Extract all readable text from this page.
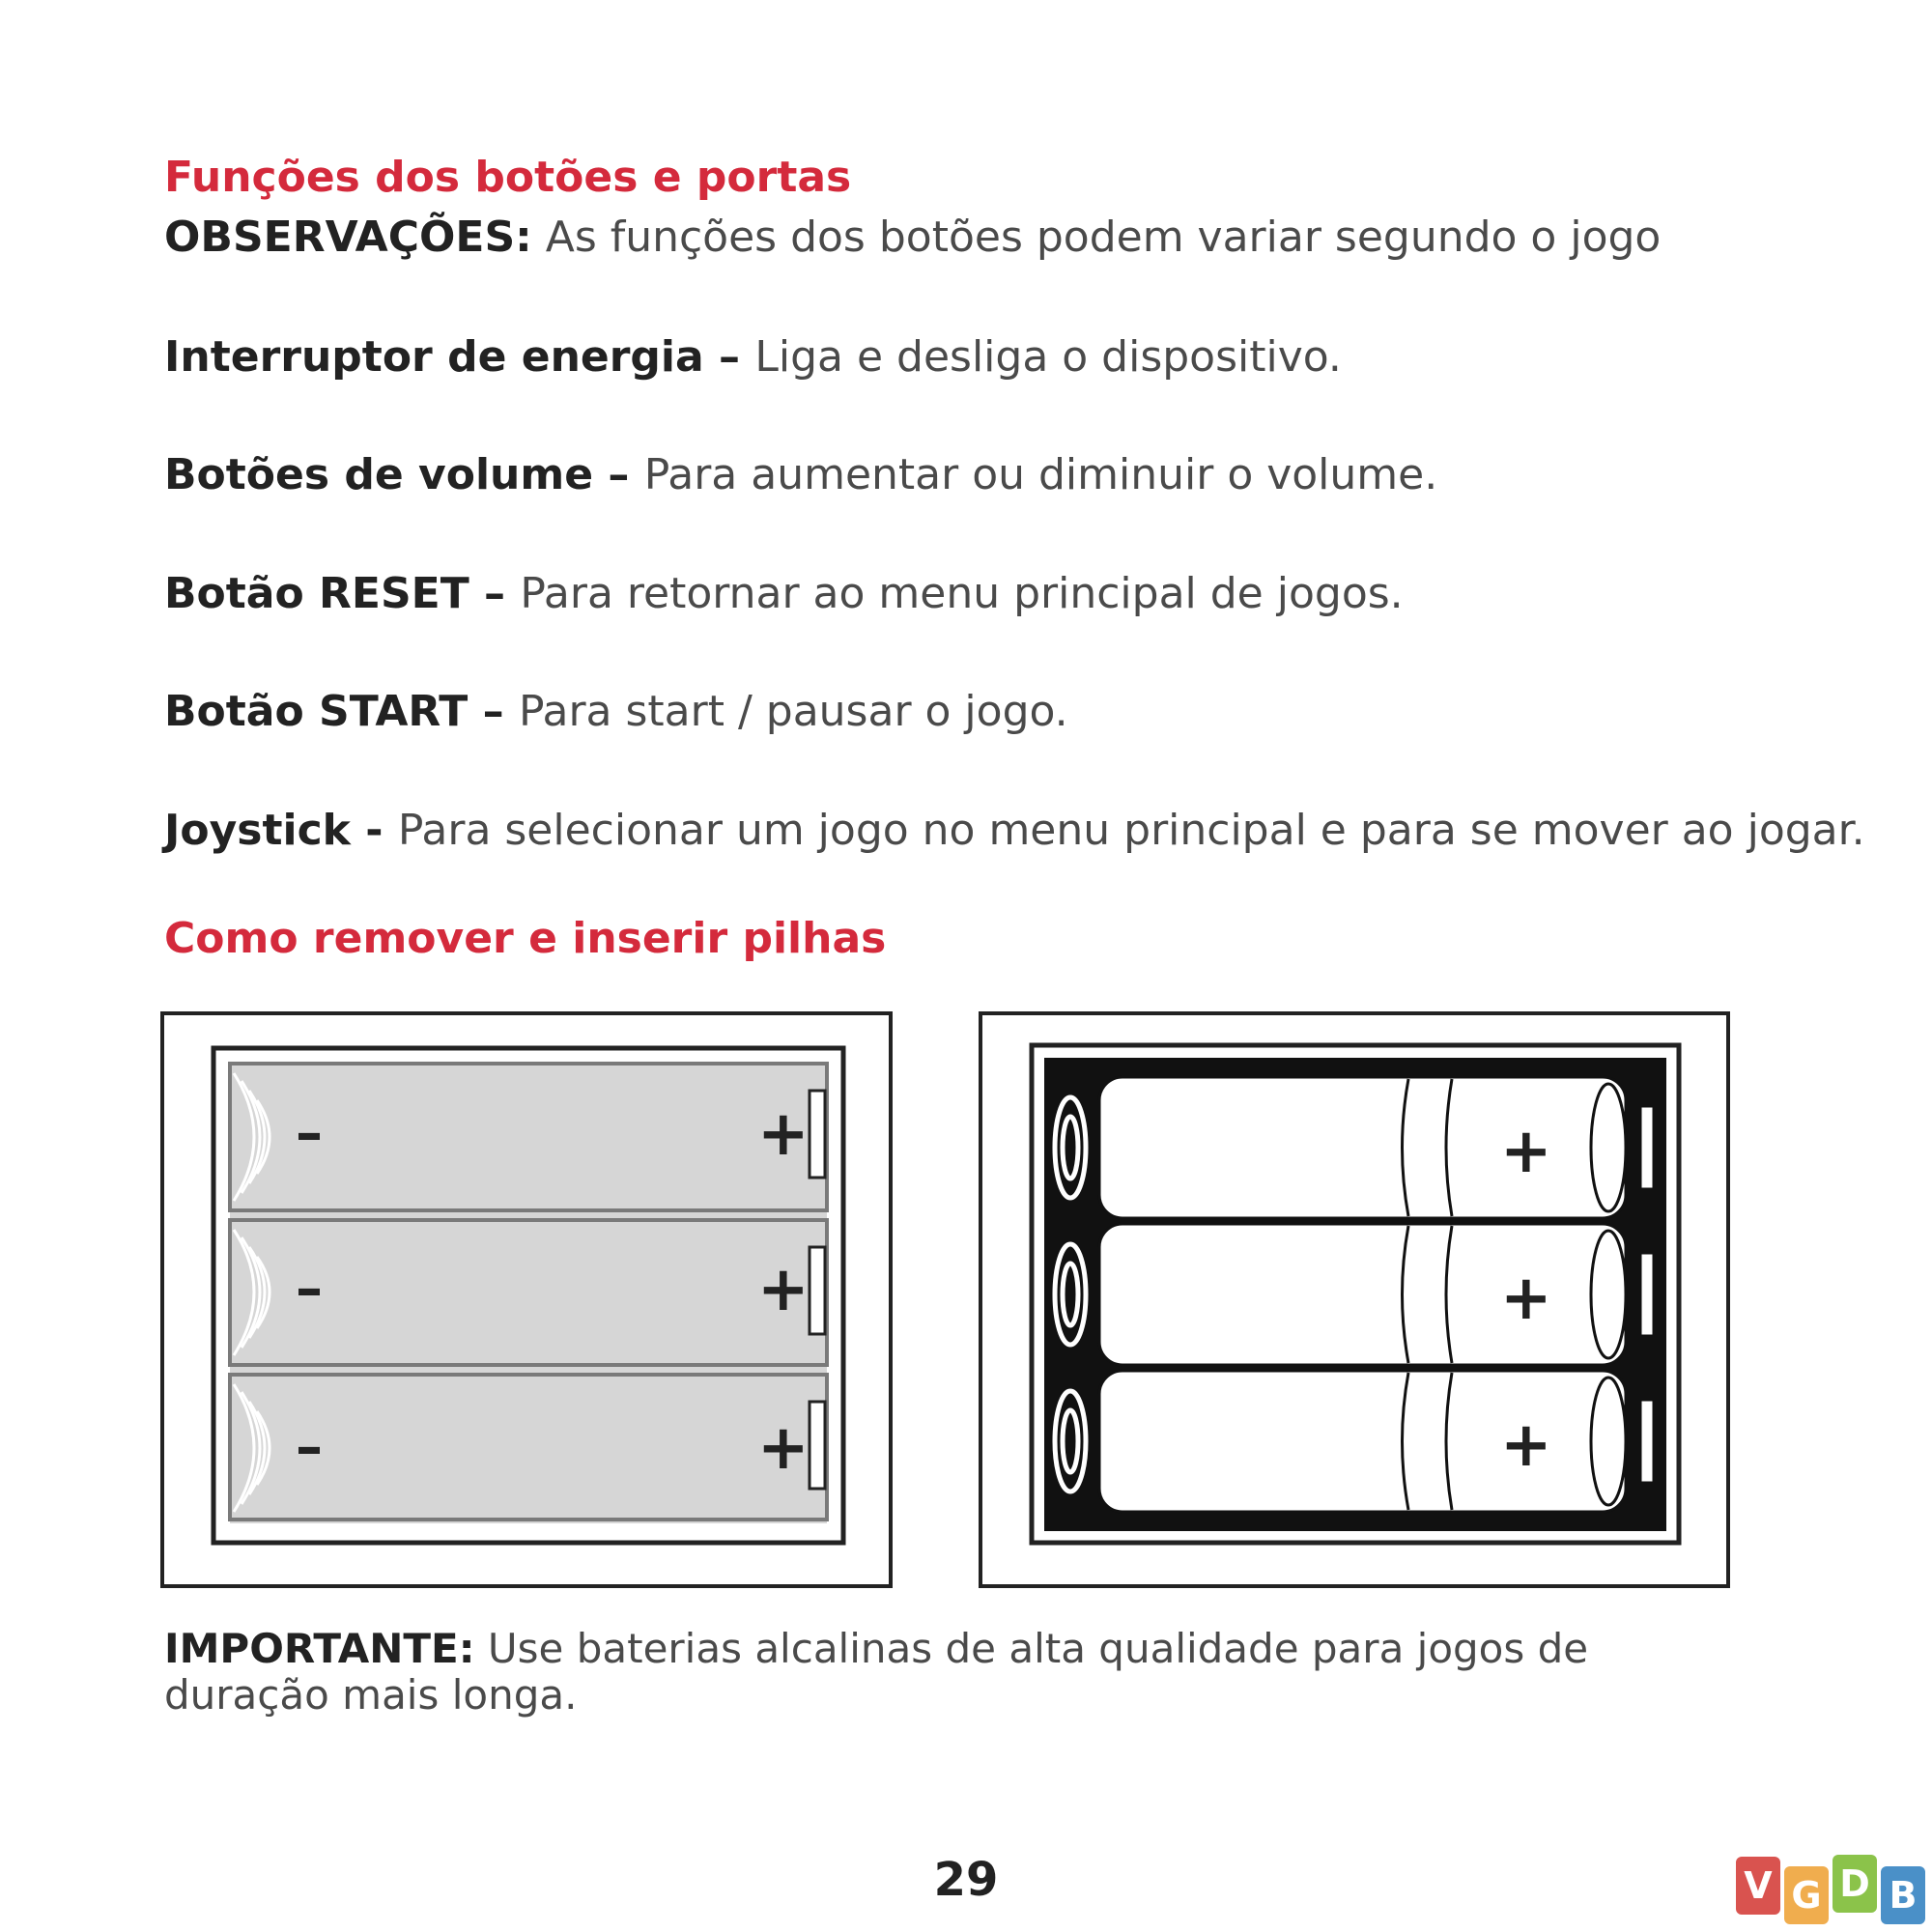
Funções dos botões e portas

OBSERVAÇÕES: As funções dos botões podem variar segundo o jogo

Interruptor de energia – Liga e desliga o dispositivo.

Botões de volume – Para aumentar ou diminuir o volume.

Botão RESET – Para retornar ao menu principal de jogos.

Botão START – Para start / pausar o jogo.

Joystick - Para selecionar um jogo no menu principal e para se mover ao jogar.

Como remover e inserir pilhas
–	+
–	+
–	+
+
+
+

IMPORTANTE: Use baterias alcalinas de alta qualidade para jogos de duração mais longa.

29	V G D B
